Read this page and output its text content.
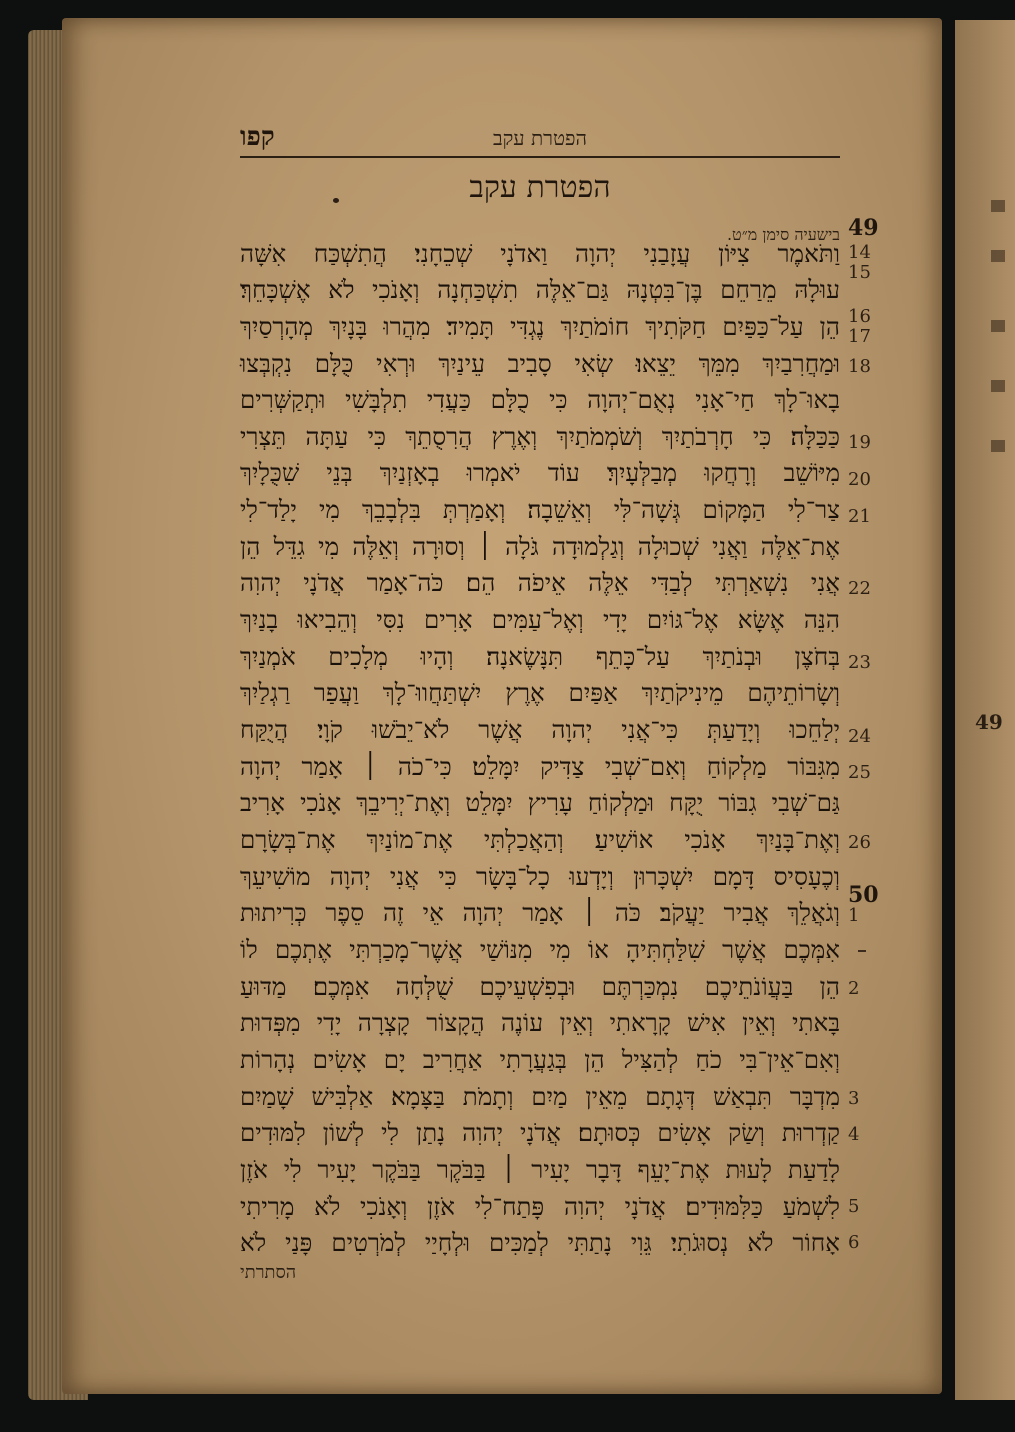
49
קפו	הפטרת עקב
הפטרת עקב
בישעיה סימן מ״ט. 49
50
14
15
16
17
18
19
20
21
22
23
24
25
26
1
2
3
4
5
6
וַתֹּאמֶר צִיּוֹן עֲזָבַנִי יְהוָה וַאדֹנָי שְׁכֵחָנִי׃ הֲתִשְׁכַּח אִשָּׁה
עוּלָהּ מֵרַחֵם בֶּן־בִּטְנָהּ גַּם־אֵלֶּה תִשְׁכַּחְנָה וְאָנֹכִי לֹא אֶשְׁכָּחֵךְ׃
הֵן עַל־כַּפַּיִם חַקֹּתִיךְ חוֹמֹתַיִךְ נֶגְדִּי תָּמִיד׃ מִהֲרוּ בָּנָיִךְ מְהָרְסַיִךְ
וּמַחֲרִבַיִךְ מִמֵּךְ יֵצֵאוּ׃ שְׂאִי סָבִיב עֵינַיִךְ וּרְאִי כֻּלָּם נִקְבְּצוּ
בָאוּ־לָךְ חַי־אָנִי נְאֻם־יְהוָה כִּי כֻלָּם כַּעֲדִי תִלְבָּשִׁי וּתְקַשְּׁרִים
כַּכַּלָּה׃ כִּי חָרְבֹתַיִךְ וְשֹׁמְמֹתַיִךְ וְאֶרֶץ הֲרִסֻתֵךְ כִּי עַתָּה תֵּצְרִי
מִיּוֹשֵׁב וְרָחֲקוּ מְבַלְּעָיִךְ׃ עוֹד יֹאמְרוּ בְאָזְנַיִךְ בְּנֵי שִׁכֻּלָיִךְ
צַר־לִי הַמָּקוֹם גְּשָׁה־לִּי וְאֵשֵׁבָה׃ וְאָמַרְתְּ בִּלְבָבֵךְ מִי יָלַד־לִי
אֶת־אֵלֶּה וַאֲנִי שְׁכוּלָה וְגַלְמוּדָה גֹּלָה ׀ וְסוּרָה וְאֵלֶּה מִי גִדֵּל הֵן
אֲנִי נִשְׁאַרְתִּי לְבַדִּי אֵלֶּה אֵיפֹה הֵם׃ כֹּה־אָמַר אֲדֹנָי יְהוִה
הִנֵּה אֶשָּׂא אֶל־גּוֹיִם יָדִי וְאֶל־עַמִּים אָרִים נִסִּי וְהֵבִיאוּ בָנַיִךְ
בְּחֹצֶן וּבְנֹתַיִךְ עַל־כָּתֵף תִּנָּשֶׂאנָה׃ וְהָיוּ מְלָכִים אֹמְנַיִךְ
וְשָׂרוֹתֵיהֶם מֵינִיקֹתַיִךְ אַפַּיִם אֶרֶץ יִשְׁתַּחֲווּ־לָךְ וַעֲפַר רַגְלַיִךְ
יְלַחֵכוּ וְיָדַעַתְּ כִּי־אֲנִי יְהוָה אֲשֶׁר לֹא־יֵבֹשׁוּ קֹוָי׃ הֲיֻקַּח
מִגִּבּוֹר מַלְקוֹחַ וְאִם־שְׁבִי צַדִּיק יִמָּלֵט׃ כִּי־כֹה ׀ אָמַר יְהוָה
גַּם־שְׁבִי גִבּוֹר יֻקָּח וּמַלְקוֹחַ עָרִיץ יִמָּלֵט וְאֶת־יְרִיבֵךְ אָנֹכִי אָרִיב
וְאֶת־בָּנַיִךְ אָנֹכִי אוֹשִׁיעַ׃ וְהַאֲכַלְתִּי אֶת־מוֹנַיִךְ אֶת־בְּשָׂרָם
וְכֶעָסִיס דָּמָם יִשְׁכָּרוּן וְיָדְעוּ כָל־בָּשָׂר כִּי אֲנִי יְהוָה מוֹשִׁיעֵךְ
וְגֹאֲלֵךְ אֲבִיר יַעֲקֹב׃ כֹּה ׀ אָמַר יְהוָה אֵי זֶה סֵפֶר כְּרִיתוּת
אִמְּכֶם אֲשֶׁר שִׁלַּחְתִּיהָ אוֹ מִי מִנּוֹשַׁי אֲשֶׁר־מָכַרְתִּי אֶתְכֶם לוֹ
הֵן בַּעֲוֹנֹתֵיכֶם נִמְכַּרְתֶּם וּבְפִשְׁעֵיכֶם שֻׁלְּחָה אִמְּכֶם׃ מַדּוּעַ
בָּאתִי וְאֵין אִישׁ קָרָאתִי וְאֵין עוֹנֶה הֲקָצוֹר קָצְרָה יָדִי מִפְּדוּת
וְאִם־אֵין־בִּי כֹחַ לְהַצִּיל הֵן בְּגַעֲרָתִי אַחֲרִיב יָם אָשִׂים נְהָרוֹת
מִדְבָּר תִּבְאַשׁ דְּגָתָם מֵאֵין מַיִם וְתָמֹת בַּצָּמָא׃ אַלְבִּישׁ שָׁמַיִם
קַדְרוּת וְשַׂק אָשִׂים כְּסוּתָם׃ אֲדֹנָי יְהוִה נָתַן לִי לְשׁוֹן לִמּוּדִים
לָדַעַת לָעוּת אֶת־יָעֵף דָּבָר יָעִיר ׀ בַּבֹּקֶר בַּבֹּקֶר יָעִיר לִי אֹזֶן
לִשְׁמֹעַ כַּלִּמּוּדִים׃ אֲדֹנָי יְהוִה פָּתַח־לִי אֹזֶן וְאָנֹכִי לֹא מָרִיתִי
אָחוֹר לֹא נְסוּגֹתִי׃ גֵּוִי נָתַתִּי לְמַכִּים וּלְחָיַי לְמֹרְטִים פָּנַי לֹא
הסתרתי
